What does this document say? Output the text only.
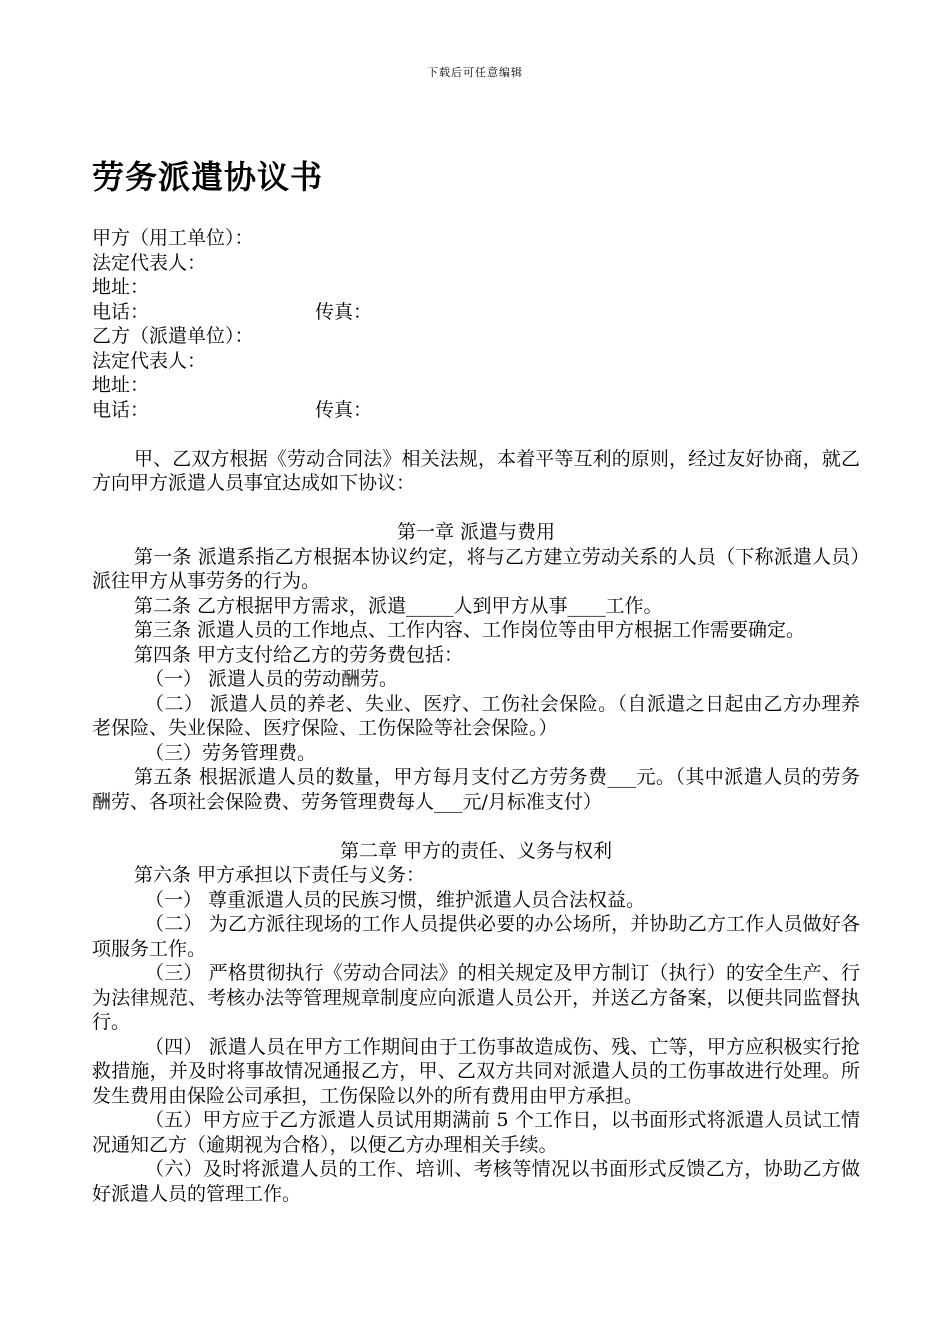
下载后可任意编辑
劳务派遣协议书
甲方（用工单位）：
法定代表人：
地址：
电话：	传真：
乙方（派遣单位）：
法定代表人：
地址：
电话：	传真：

甲、乙双方根据《劳动合同法》相关法规，本着平等互利的原则，经过友好协商，就乙方向甲方派遣人员事宜达成如下协议：

第一章 派遣与费用

第一条 派遣系指乙方根据本协议约定，将与乙方建立劳动关系的人员（下称派遣人员）派往甲方从事劳务的行为。

第二条 乙方根据甲方需求，派遣_____人到甲方从事____工作。

第三条 派遣人员的工作地点、工作内容、工作岗位等由甲方根据工作需要确定。

第四条 甲方支付给乙方的劳务费包括：

（一） 派遣人员的劳动酬劳。

（二） 派遣人员的养老、失业、医疗、工伤社会保险。（自派遣之日起由乙方办理养老保险、失业保险、医疗保险、工伤保险等社会保险。）

（三）劳务管理费。

第五条 根据派遣人员的数量，甲方每月支付乙方劳务费___元。（其中派遣人员的劳务酬劳、各项社会保险费、劳务管理费每人___元/月标准支付）

第二章 甲方的责任、义务与权利

第六条 甲方承担以下责任与义务：

（一） 尊重派遣人员的民族习惯，维护派遣人员合法权益。

（二） 为乙方派往现场的工作人员提供必要的办公场所，并协助乙方工作人员做好各项服务工作。

（三） 严格贯彻执行《劳动合同法》的相关规定及甲方制订（执行）的安全生产、行为法律规范、考核办法等管理规章制度应向派遣人员公开，并送乙方备案，以便共同监督执行。

（四） 派遣人员在甲方工作期间由于工伤事故造成伤、残、亡等，甲方应积极实行抢救措施，并及时将事故情况通报乙方，甲、乙双方共同对派遣人员的工伤事故进行处理。所发生费用由保险公司承担，工伤保险以外的所有费用由甲方承担。

（五）甲方应于乙方派遣人员试用期满前 5 个工作日，以书面形式将派遣人员试工情况通知乙方（逾期视为合格），以便乙方办理相关手续。

（六）及时将派遣人员的工作、培训、考核等情况以书面形式反馈乙方，协助乙方做好派遣人员的管理工作。
